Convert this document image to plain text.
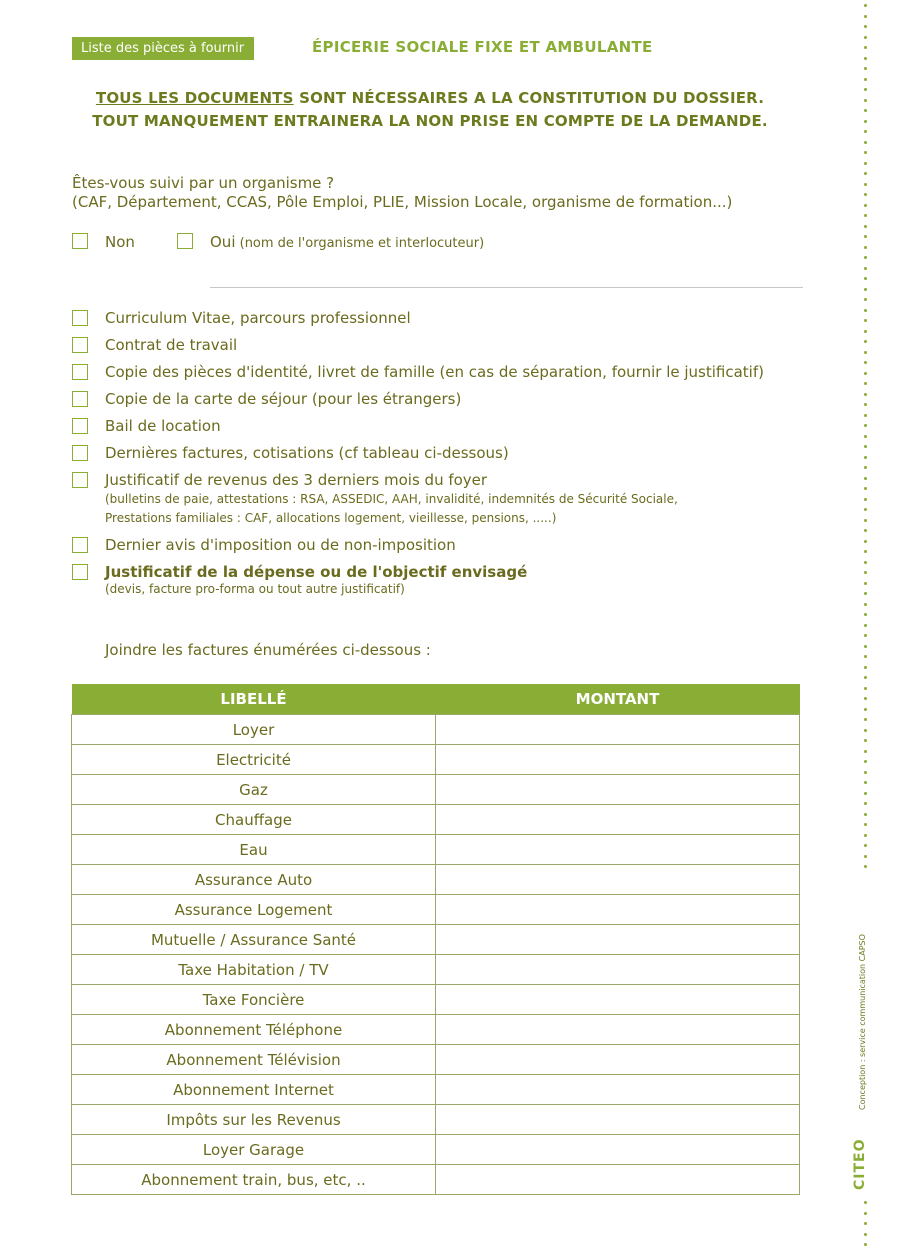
Liste des pièces à fournir	ÉPICERIE SOCIALE FIXE ET AMBULANTE
TOUS LES DOCUMENTS SONT NÉCESSAIRES A LA CONSTITUTION DU DOSSIER.
TOUT MANQUEMENT ENTRAINERA LA NON PRISE EN COMPTE DE LA DEMANDE.
Êtes-vous suivi par un organisme ?
(CAF, Département, CCAS, Pôle Emploi, PLIE, Mission Locale, organisme de formation...)
Non	Oui (nom de l'organisme et interlocuteur)
Curriculum Vitae, parcours professionnel
Contrat de travail
Copie des pièces d'identité, livret de famille (en cas de séparation, fournir le justificatif)
Copie de la carte de séjour (pour les étrangers)
Bail de location
Dernières factures, cotisations (cf tableau ci-dessous)
Justificatif de revenus des 3 derniers mois du foyer
(bulletins de paie, attestations : RSA, ASSEDIC, AAH, invalidité, indemnités de Sécurité Sociale,
Prestations familiales : CAF, allocations logement, vieillesse, pensions, .....)
Dernier avis d'imposition ou de non-imposition
Justificatif de la dépense ou de l'objectif envisagé
(devis, facture pro-forma ou tout autre justificatif)
Joindre les factures énumérées ci-dessous :
LIBELLÉ	MONTANT
Loyer	
Electricité	
Gaz	
Chauffage	
Eau	
Assurance Auto	
Assurance Logement	
Mutuelle / Assurance Santé	
Taxe Habitation / TV	
Taxe Foncière	
Abonnement Téléphone	
Abonnement Télévision	
Abonnement Internet	
Impôts sur les Revenus	
Loyer Garage	
Abonnement train, bus, etc, ..	
Conception : service communication CAPSO
CITEO
